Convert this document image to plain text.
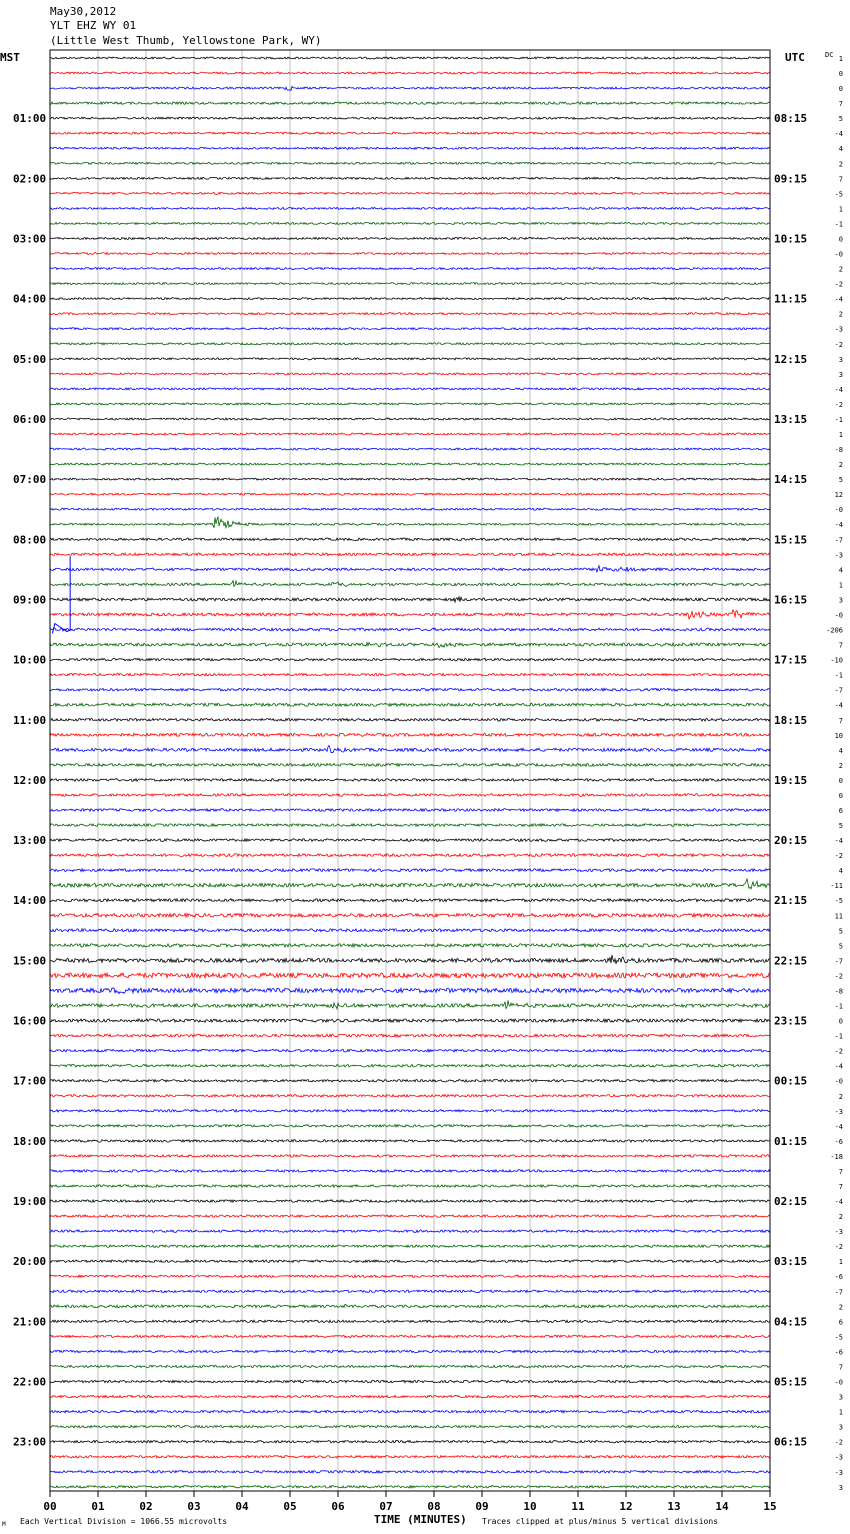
May30,2012
YLT EHZ WY 01
(Little West Thumb, Yellowstone Park, WY)
MST	UTC	DC
TIME (MINUTES)
Each Vertical Division = 1066.55 microvolts	Traces clipped at plus/minus 5 vertical divisions
M
00	01	02	03	04	05	06	07	08	09	10	11	12	13	14	15
1
0
0
7
5
-4
4
2
7
-5
1
-1
0
-0
2
-2
-4
2
-3
-2
3
3
-4
-2
-1
1
-8
2
5
12
-0
-4
-7
-3
4
1
3
-0
-206
7
-10
-1
-7
-4
7
10
4
2
0
0
6
5
-4
-2
4
-11
-5
11
5
5
-7
-2
-8
-1
0
-1
-2
-4
-0
2
-3
-4
-6
-18
7
7
-4
2
-3
-2
1
-6
-7
2
6
-5
-6
7
-0
3
1
3
-2
-3
-3
3
01:00	08:15
02:00	09:15
03:00	10:15
04:00	11:15
05:00	12:15
06:00	13:15
07:00	14:15
08:00	15:15
09:00	16:15
10:00	17:15
11:00	18:15
12:00	19:15
13:00	20:15
14:00	21:15
15:00	22:15
16:00	23:15
17:00	00:15
18:00	01:15
19:00	02:15
20:00	03:15
21:00	04:15
22:00	05:15
23:00	06:15
